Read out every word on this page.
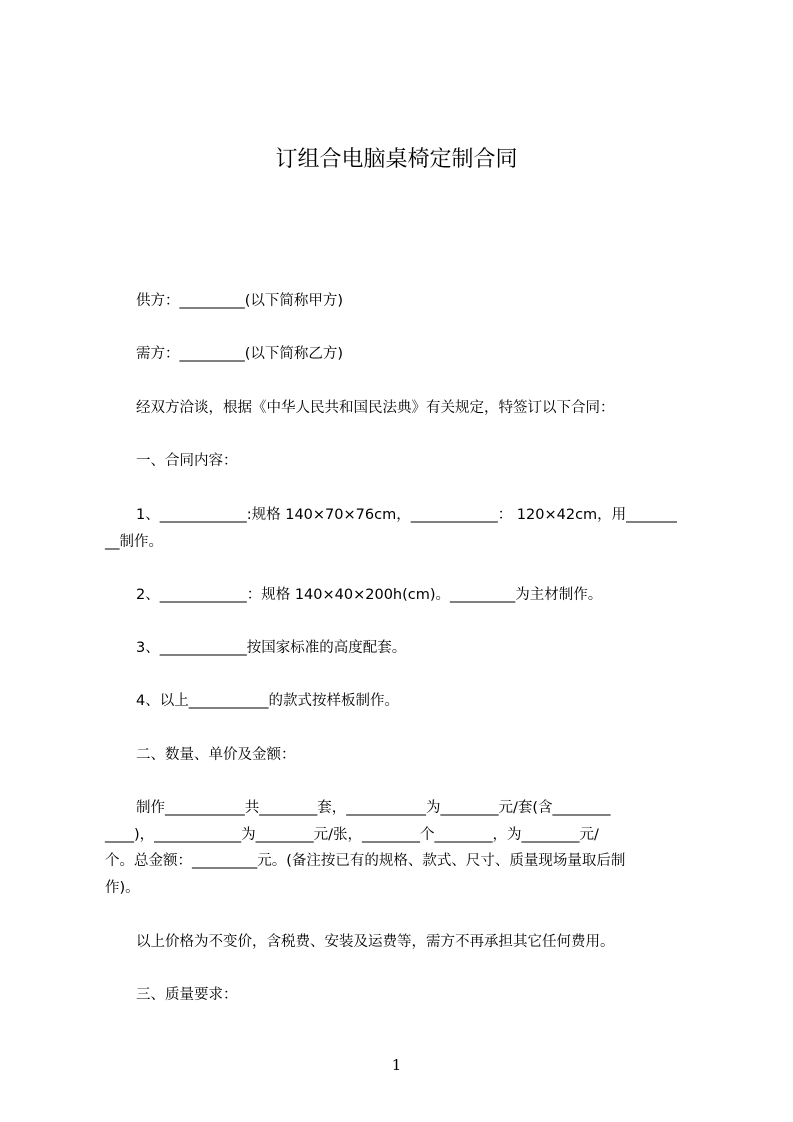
订组合电脑桌椅定制合同
供方：_________(以下简称甲方)
需方：_________(以下简称乙方)
经双方洽谈，根据《中华人民共和国民法典》有关规定，特签订以下合同：
一、合同内容：
1、____________:规格 140×70×76cm，____________： 120×42cm，用_______
__制作。
2、____________：规格 140×40×200h(cm)。_________为主材制作。
3、____________按国家标准的高度配套。
4、以上___________的款式按样板制作。
二、数量、单价及金额：
制作___________共________套，___________为________元/套(含________
____)，____________为________元/张，________个________，为________元/
个。总金额：_________元。(备注按已有的规格、款式、尺寸、质量现场量取后制
作)。
以上价格为不变价，含税费、安装及运费等，需方不再承担其它任何费用。
三、质量要求：
1
